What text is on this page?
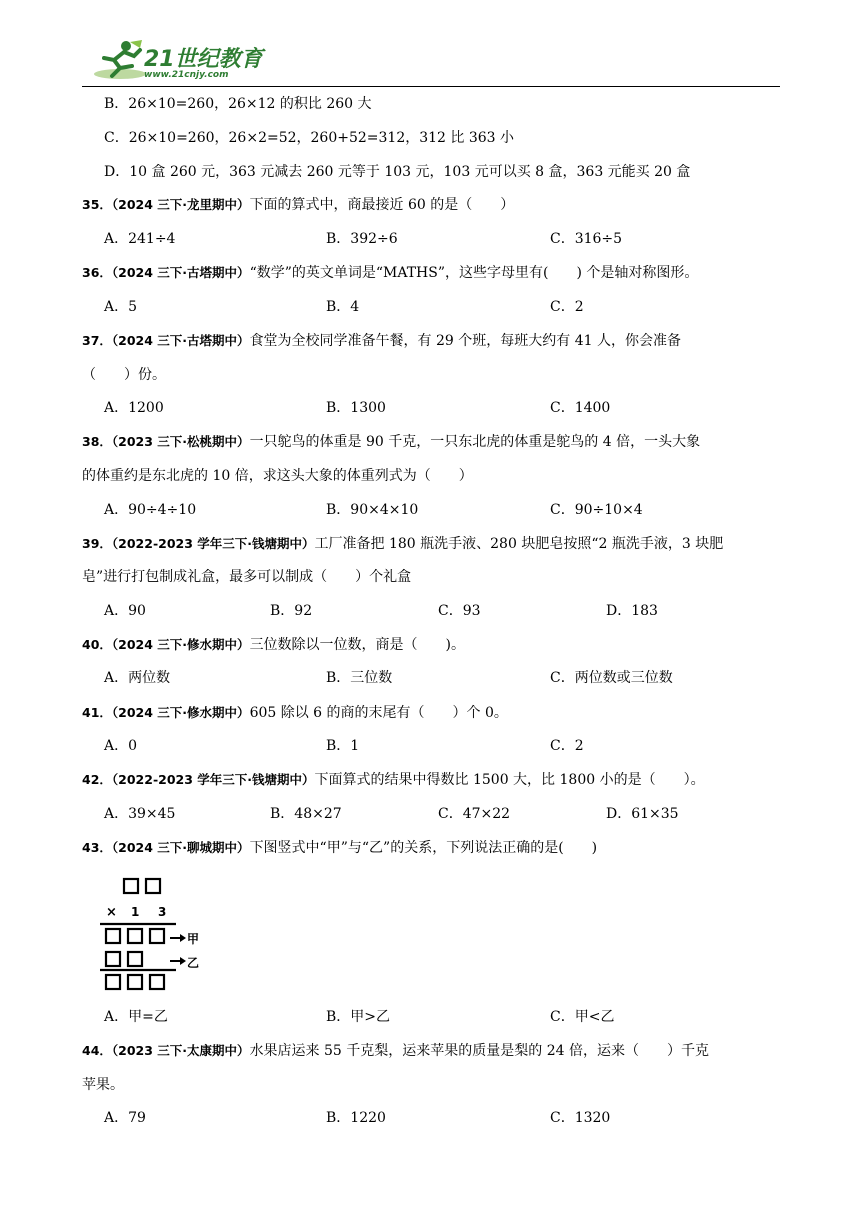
21世纪教育
www.21cnjy.com
B．26×10=260，26×12 的积比 260 大
C．26×10=260，26×2=52，260+52=312，312 比 363 小
D．10 盒 260 元，363 元减去 260 元等于 103 元，103 元可以买 8 盒，363 元能买 20 盒
35．（2024 三下·龙里期中）下面的算式中，商最接近 60 的是（　　）
A．241÷4	B．392÷6	C．316÷5
36．（2024 三下·古塔期中）“数学”的英文单词是“MATHS”，这些字母里有(　　) 个是轴对称图形。
A．5	B．4	C．2
37．（2024 三下·古塔期中）食堂为全校同学准备午餐，有 29 个班，每班大约有 41 人，你会准备
（　　）份。
A．1200	B．1300	C．1400
38．（2023 三下·松桃期中）一只鸵鸟的体重是 90 千克，一只东北虎的体重是鸵鸟的 4 倍，一头大象
的体重约是东北虎的 10 倍，求这头大象的体重列式为（　　）
A．90÷4÷10	B．90×4×10	C．90÷10×4
39．（2022-2023 学年三下·钱塘期中）工厂准备把 180 瓶洗手液、280 块肥皂按照“2 瓶洗手液，3 块肥
皂”进行打包制成礼盒，最多可以制成（　　）个礼盒
A．90	B．92	C．93	D．183
40．（2024 三下·修水期中）三位数除以一位数，商是（　　)。
A．两位数	B．三位数	C．两位数或三位数
41．（2024 三下·修水期中）605 除以 6 的商的末尾有（　　）个 0。
A．0	B．1	C．2
42．（2022-2023 学年三下·钱塘期中）下面算式的结果中得数比 1500 大，比 1800 小的是（　　）。
A．39×45	B．48×27	C．47×22	D．61×35
43．（2024 三下·聊城期中）下图竖式中“甲”与“乙”的关系，下列说法正确的是(　　)
× 1 3
甲
乙
A．甲=乙	B．甲>乙	C．甲<乙
44．（2023 三下·太康期中）水果店运来 55 千克梨，运来苹果的质量是梨的 24 倍，运来（　　）千克
苹果。
A．79	B．1220	C．1320
